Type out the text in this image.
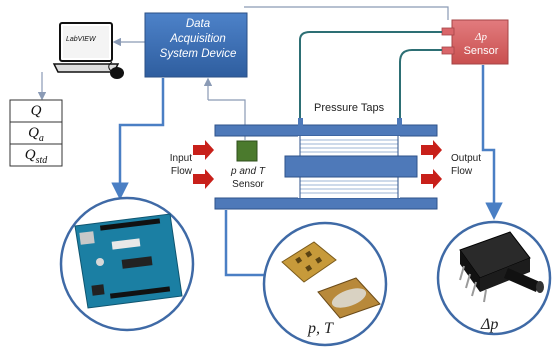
Data
Acquisition
System Device
Δp
Sensor
LabVIEW
Q
$Q_a$
$Q_{std}$
Pressure Taps
Input
Flow
Output
Flow
p and T
Sensor
p, T	Δp
